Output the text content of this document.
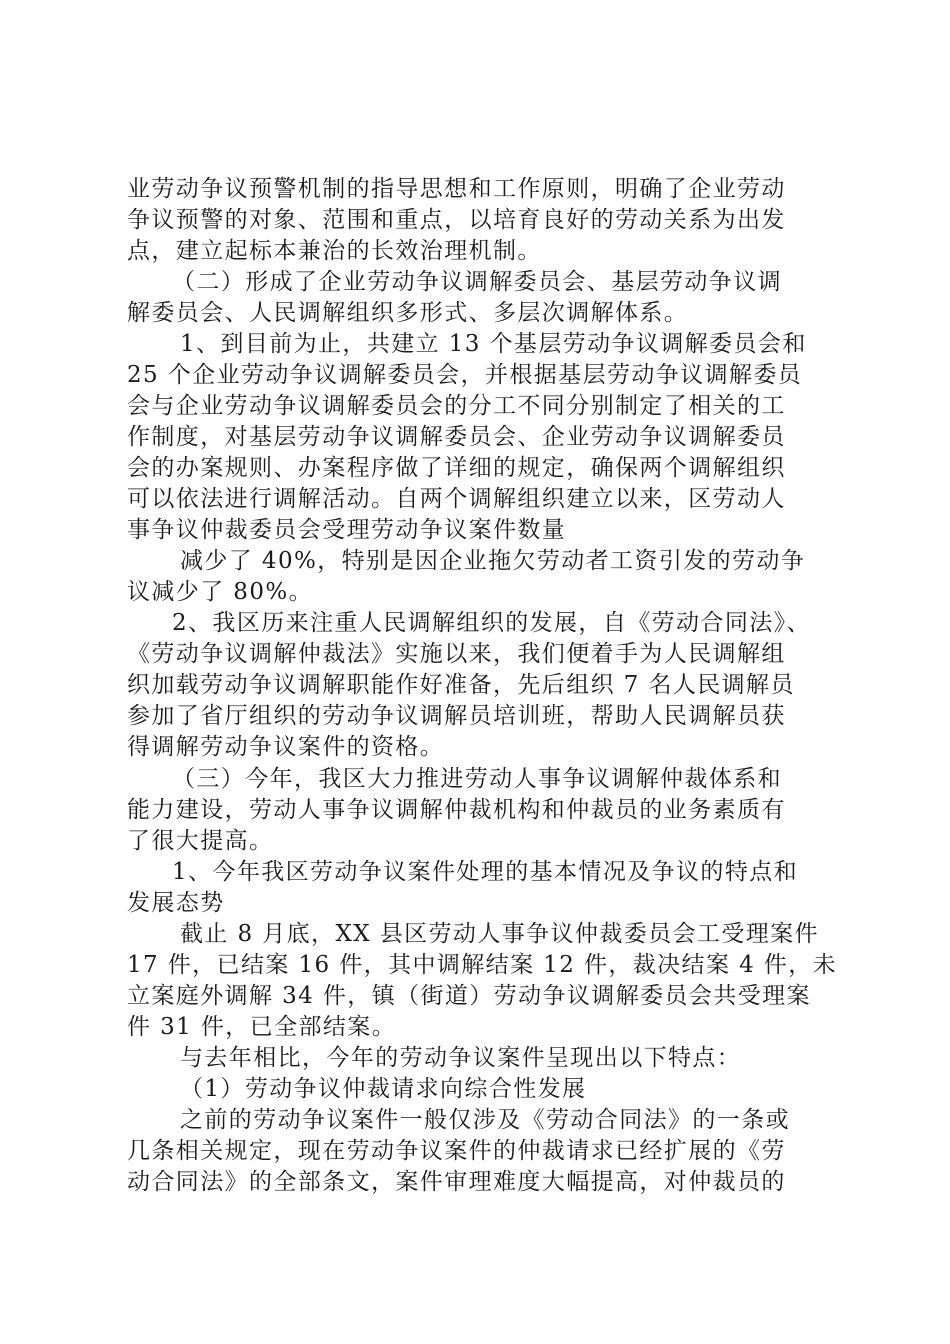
业劳动争议预警机制的指导思想和工作原则，明确了企业劳动
争议预警的对象、范围和重点，以培育良好的劳动关系为出发
点，建立起标本兼治的长效治理机制。
（二）形成了企业劳动争议调解委员会、基层劳动争议调
解委员会、人民调解组织多形式、多层次调解体系。
1、到目前为止，共建立 13 个基层劳动争议调解委员会和
25 个企业劳动争议调解委员会，并根据基层劳动争议调解委员
会与企业劳动争议调解委员会的分工不同分别制定了相关的工
作制度，对基层劳动争议调解委员会、企业劳动争议调解委员
会的办案规则、办案程序做了详细的规定，确保两个调解组织
可以依法进行调解活动。自两个调解组织建立以来，区劳动人
事争议仲裁委员会受理劳动争议案件数量
减少了 40%，特别是因企业拖欠劳动者工资引发的劳动争
议减少了 80%。
2、我区历来注重人民调解组织的发展，自《劳动合同法》、
《劳动争议调解仲裁法》实施以来，我们便着手为人民调解组
织加载劳动争议调解职能作好准备，先后组织 7 名人民调解员
参加了省厅组织的劳动争议调解员培训班，帮助人民调解员获
得调解劳动争议案件的资格。
（三）今年，我区大力推进劳动人事争议调解仲裁体系和
能力建设，劳动人事争议调解仲裁机构和仲裁员的业务素质有
了很大提高。
1、今年我区劳动争议案件处理的基本情况及争议的特点和
发展态势
截止 8 月底，XX 县区劳动人事争议仲裁委员会工受理案件
17 件，已结案 16 件，其中调解结案 12 件，裁决结案 4 件，未
立案庭外调解 34 件，镇（街道）劳动争议调解委员会共受理案
件 31 件，已全部结案。
与去年相比，今年的劳动争议案件呈现出以下特点：
（1）劳动争议仲裁请求向综合性发展
之前的劳动争议案件一般仅涉及《劳动合同法》的一条或
几条相关规定，现在劳动争议案件的仲裁请求已经扩展的《劳
动合同法》的全部条文，案件审理难度大幅提高，对仲裁员的
